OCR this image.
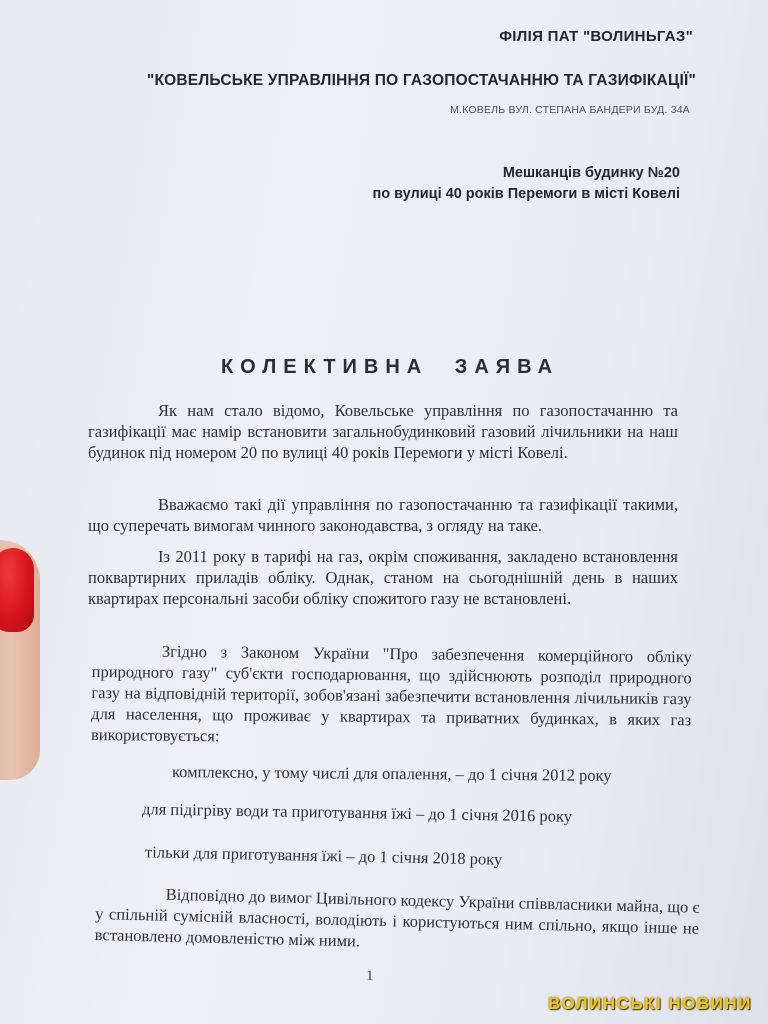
ФІЛІЯ ПАТ "ВОЛИНЬГАЗ"
"КОВЕЛЬСЬКЕ УПРАВЛІННЯ ПО ГАЗОПОСТАЧАННЮ ТА ГАЗИФІКАЦІЇ"
М.КОВЕЛЬ ВУЛ. СТЕПАНА БАНДЕРИ БУД. 34А
Мешканців будинку №20
по вулиці 40 років Перемоги в місті Ковелі
КОЛЕКТИВНА ЗАЯВА

Як нам стало відомо, Ковельське управління по газопостачанню та газифікації має намір встановити загальнобудинковий газовий лічильники на наш будинок під номером 20 по вулиці 40 років Перемоги у місті Ковелі.

Вважаємо такі дії управління по газопостачанню та газифікації такими, що суперечать вимогам чинного законодавства, з огляду на таке.

Із 2011 року в тарифі на газ, окрім споживання, закладено встановлення поквартирних приладів обліку. Однак, станом на сьогоднішній день в наших квартирах персональні засоби обліку спожитого газу не встановлені.

Згідно з Законом України "Про забезпечення комерційного обліку природного газу" суб'єкти господарювання, що здійснюють розподіл природного газу на відповідній території, зобов'язані забезпечити встановлення лічильників газу для населення, що проживає у квартирах та приватних будинках, в яких газ використовується:

комплексно, у тому числі для опалення, – до 1 січня 2012 року
для підігріву води та приготування їжі – до 1 січня 2016 року
тільки для приготування їжі – до 1 січня 2018 року

Відповідно до вимог Цивільного кодексу України співвласники майна, що є у спільній сумісній власності, володіють і користуються ним спільно, якщо інше не встановлено домовленістю між ними.

1
ВОЛИНСЬКІ НОВИНИ
